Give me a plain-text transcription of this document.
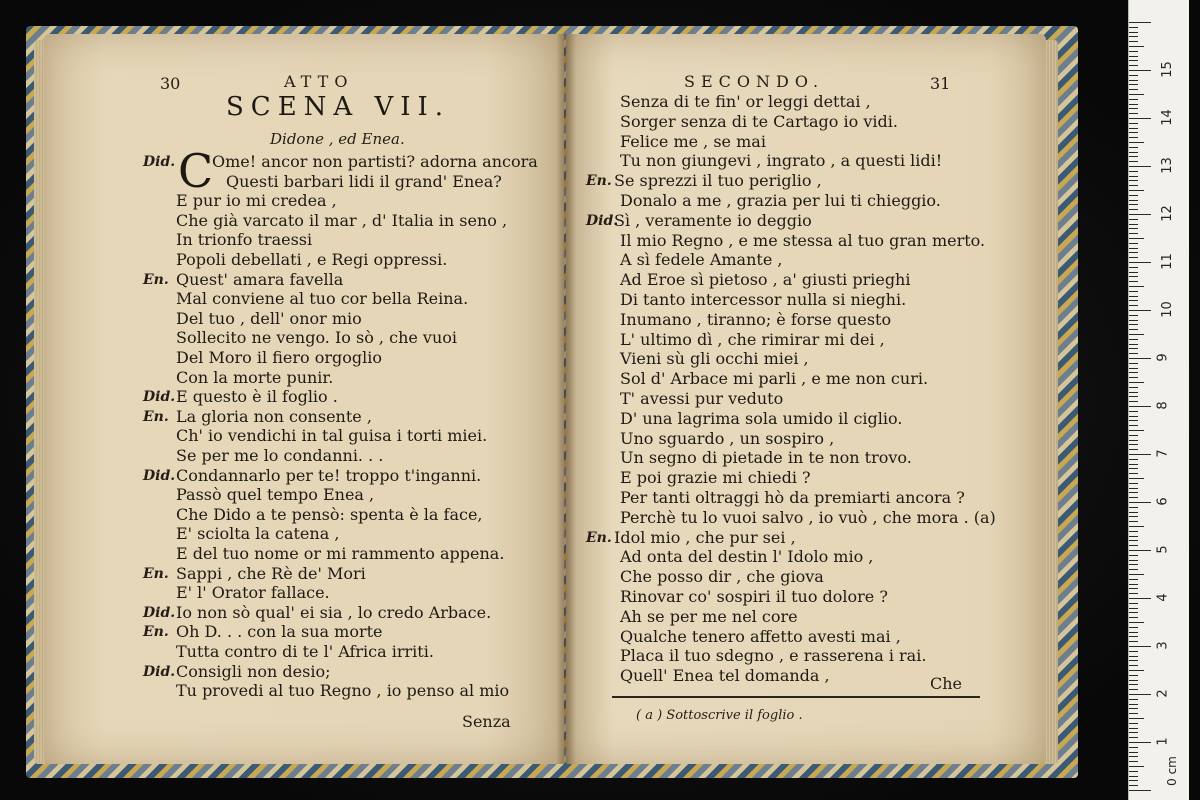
30	ATTO
SCENA VII.
Didone , ed Enea.
C
Did. Ome! ancor non partisti? adorna ancora
Questi barbari lidi il grand' Enea?
E pur io mi credea ,
Che già varcato il mar , d' Italia in seno ,
In trionfo traessi
Popoli debellati , e Regi oppressi.
En. Quest' amara favella
Mal conviene al tuo cor bella Reina.
Del tuo , dell' onor mio
Sollecito ne vengo. Io sò , che vuoi
Del Moro il fiero orgoglio
Con la morte punir.
Did. E questo è il foglio .
En. La gloria non consente ,
Ch' io vendichi in tal guisa i torti miei.
Se per me lo condanni. . .
Did. Condannarlo per te! troppo t'inganni.
Passò quel tempo Enea ,
Che Dido a te pensò: spenta è la face,
E' sciolta la catena ,
E del tuo nome or mi rammento appena.
En. Sappi , che Rè de' Mori
E' l' Orator fallace.
Did. Io non sò qual' ei sia , lo credo Arbace.
En. Oh D. . . con la sua morte
Tutta contro di te l' Africa irriti.
Did. Consigli non desio;
Tu provedi al tuo Regno , io penso al mio
Senza
SECONDO.	31
Senza di te fin' or leggi dettai ,
Sorger senza di te Cartago io vidi.
Felice me , se mai
Tu non giungevi , ingrato , a questi lidi!
En. Se sprezzi il tuo periglio ,
Donalo a me , grazia per lui ti chieggio.
Did.
Sì , veramente io deggio
Il mio Regno , e me stessa al tuo gran merto.
A sì fedele Amante ,
Ad Eroe sì pietoso , a' giusti prieghi
Di tanto intercessor nulla si nieghi.
Inumano , tiranno; è forse questo
L' ultimo dì , che rimirar mi dei ,
Vieni sù gli occhi miei ,
Sol d' Arbace mi parli , e me non curi.
T' avessi pur veduto
D' una lagrima sola umido il ciglio.
Uno sguardo , un sospiro ,
Un segno di pietade in te non trovo.
E poi grazie mi chiedi ?
Per tanti oltraggi hò da premiarti ancora ?
Perchè tu lo vuoi salvo , io vuò , che mora . (a)
En. Idol mio , che pur sei ,
Ad onta del destin l' Idolo mio ,
Che posso dir , che giova
Rinovar co' sospiri il tuo dolore ?
Ah se per me nel core
Qualche tenero affetto avesti mai ,
Placa il tuo sdegno , e rasserena i rai.
Quell' Enea tel domanda ,	Che
( a ) Sottoscrive il foglio .
0 cm
1
2
3
4
5
6
7
8
9
10
11
12
13
14
15
